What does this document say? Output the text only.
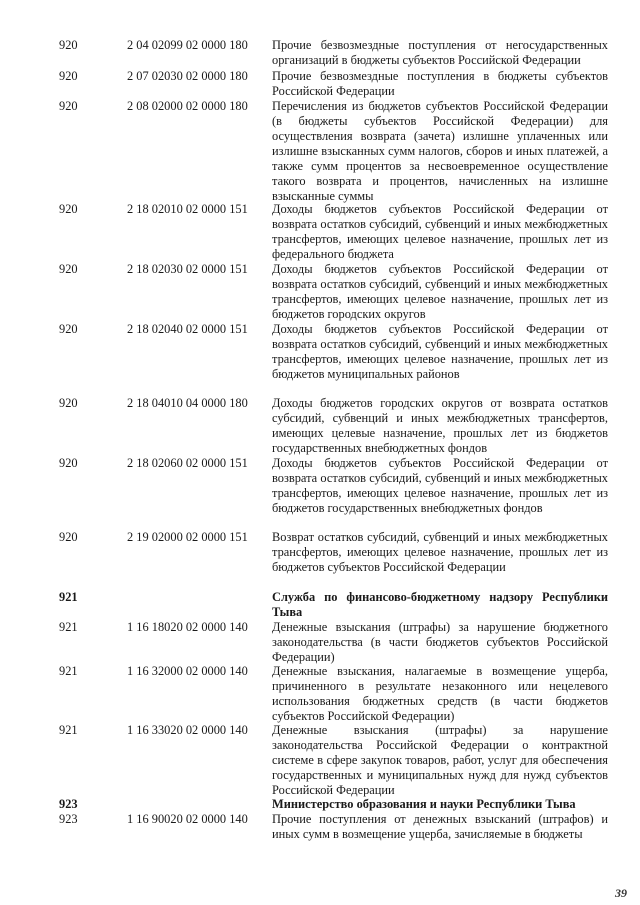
920	2 04 02099 02 0000 180	Прочие безвозмездные поступления от негосударственных организаций в бюджеты субъектов Российской Федерации
920	2 07 02030 02 0000 180	Прочие безвозмездные поступления в бюджеты субъектов Российской Федерации
920	2 08 02000 02 0000 180	Перечисления из бюджетов субъектов Российской Федерации (в бюджеты субъектов Российской Федерации) для осуществления возврата (зачета) излишне уплаченных или излишне взысканных сумм налогов, сборов и иных платежей, а также сумм процентов за несвоевременное осуществление такого возврата и процентов, начисленных на излишне взысканные суммы
920	2 18 02010 02 0000 151	Доходы бюджетов субъектов Российской Федерации от возврата остатков субсидий, субвенций и иных межбюджетных трансфертов, имеющих целевое назначение, прошлых лет из федерального бюджета
920	2 18 02030 02 0000 151	Доходы бюджетов субъектов Российской Федерации от возврата остатков субсидий, субвенций и иных межбюджетных трансфертов, имеющих целевое назначение, прошлых лет из бюджетов городских округов
920	2 18 02040 02 0000 151	Доходы бюджетов субъектов Российской Федерации от возврата остатков субсидий, субвенций и иных межбюджетных трансфертов, имеющих целевое назначение, прошлых лет из бюджетов муниципальных районов
920	2 18 04010 04 0000 180	Доходы бюджетов городских округов от возврата остатков субсидий, субвенций и иных межбюджетных трансфертов, имеющих целевые назначение, прошлых лет из бюджетов государственных внебюджетных фондов
920	2 18 02060 02 0000 151	Доходы бюджетов субъектов Российской Федерации от возврата остатков субсидий, субвенций и иных межбюджетных трансфертов, имеющих целевое назначение, прошлых лет из бюджетов государственных внебюджетных фондов
920	2 19 02000 02 0000 151	Возврат остатков субсидий, субвенций и иных межбюджетных трансфертов, имеющих целевое назначение, прошлых лет из бюджетов субъектов Российской Федерации
921	Служба по финансово-бюджетному надзору Республики Тыва
921	1 16 18020 02 0000 140	Денежные взыскания (штрафы) за нарушение бюджетного законодательства (в части бюджетов субъектов Российской Федерации)
921	1 16 32000 02 0000 140	Денежные взыскания, налагаемые в возмещение ущерба, причиненного в результате незаконного или нецелевого использования бюджетных средств (в части бюджетов субъектов Российской Федерации)
921	1 16 33020 02 0000 140	Денежные взыскания (штрафы) за нарушение законодательства Российской Федерации о контрактной системе в сфере закупок товаров, работ, услуг для обеспечения государственных и муниципальных нужд для нужд субъектов Российской Федерации
923	Министерство образования и науки Республики Тыва
923	1 16 90020 02 0000 140	Прочие поступления от денежных взысканий (штрафов) и иных сумм в возмещение ущерба, зачисляемые в бюджеты
39
